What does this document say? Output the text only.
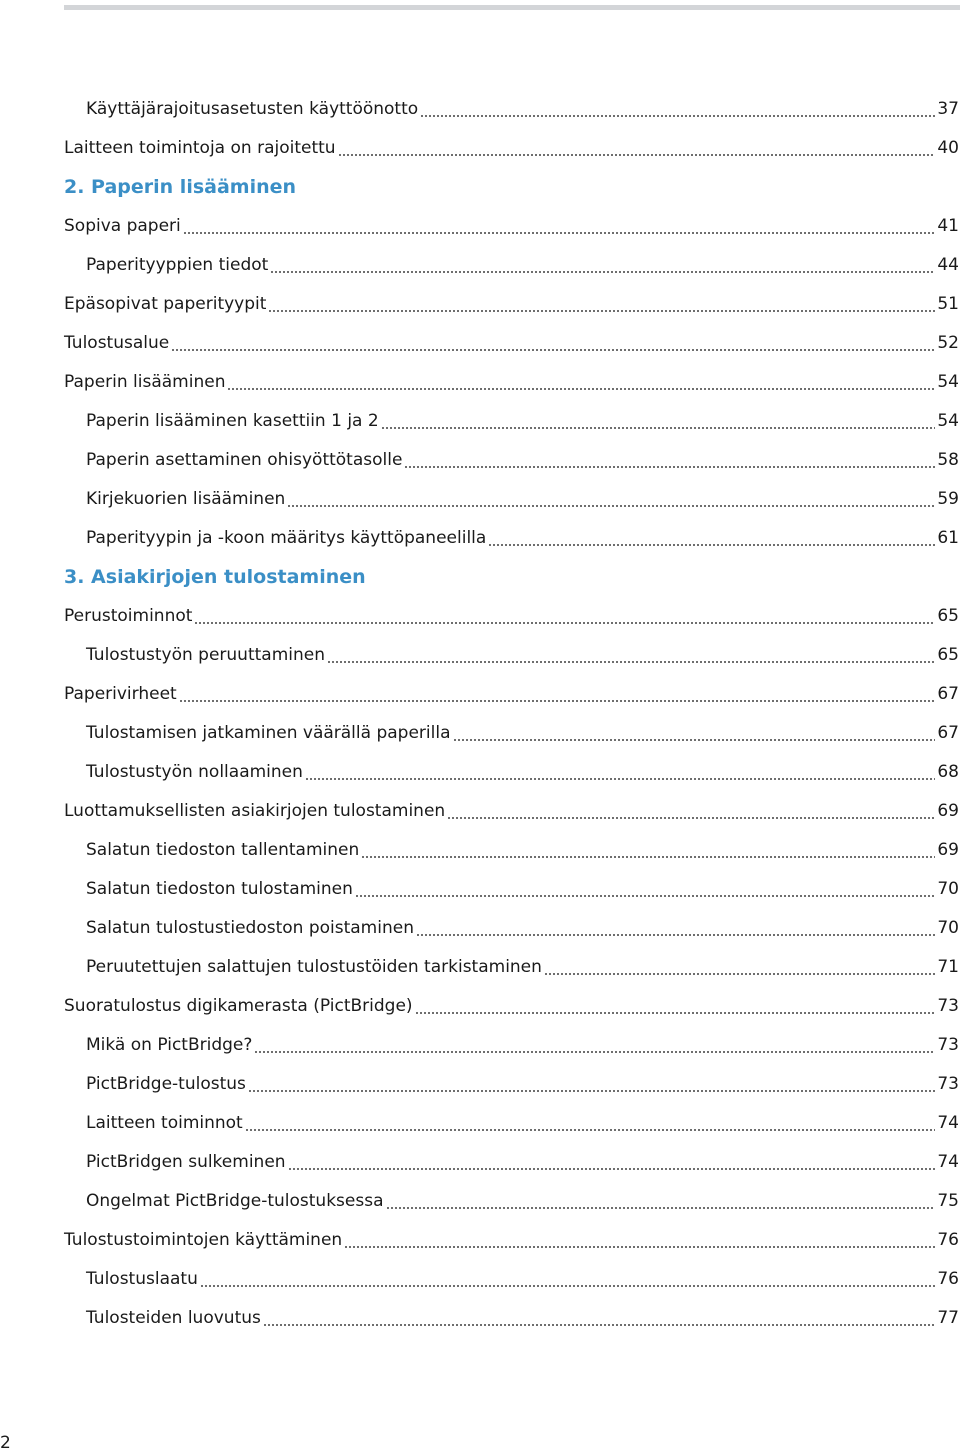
Käyttäjärajoitusasetusten käyttöönotto	37
Laitteen toimintoja on rajoitettu	40
2. Paperin lisääminen
Sopiva paperi	41
Paperityyppien tiedot	44
Epäsopivat paperityypit	51
Tulostusalue	52
Paperin lisääminen	54
Paperin lisääminen kasettiin 1 ja 2	54
Paperin asettaminen ohisyöttötasolle	58
Kirjekuorien lisääminen	59
Paperityypin ja -koon määritys käyttöpaneelilla	61
3. Asiakirjojen tulostaminen
Perustoiminnot	65
Tulostustyön peruuttaminen	65
Paperivirheet	67
Tulostamisen jatkaminen väärällä paperilla	67
Tulostustyön nollaaminen	68
Luottamuksellisten asiakirjojen tulostaminen	69
Salatun tiedoston tallentaminen	69
Salatun tiedoston tulostaminen	70
Salatun tulostustiedoston poistaminen	70
Peruutettujen salattujen tulostustöiden tarkistaminen	71
Suoratulostus digikamerasta (PictBridge)	73
Mikä on PictBridge?	73
PictBridge-tulostus	73
Laitteen toiminnot	74
PictBridgen sulkeminen	74
Ongelmat PictBridge-tulostuksessa	75
Tulostustoimintojen käyttäminen	76
Tulostuslaatu	76
Tulosteiden luovutus	77
2
